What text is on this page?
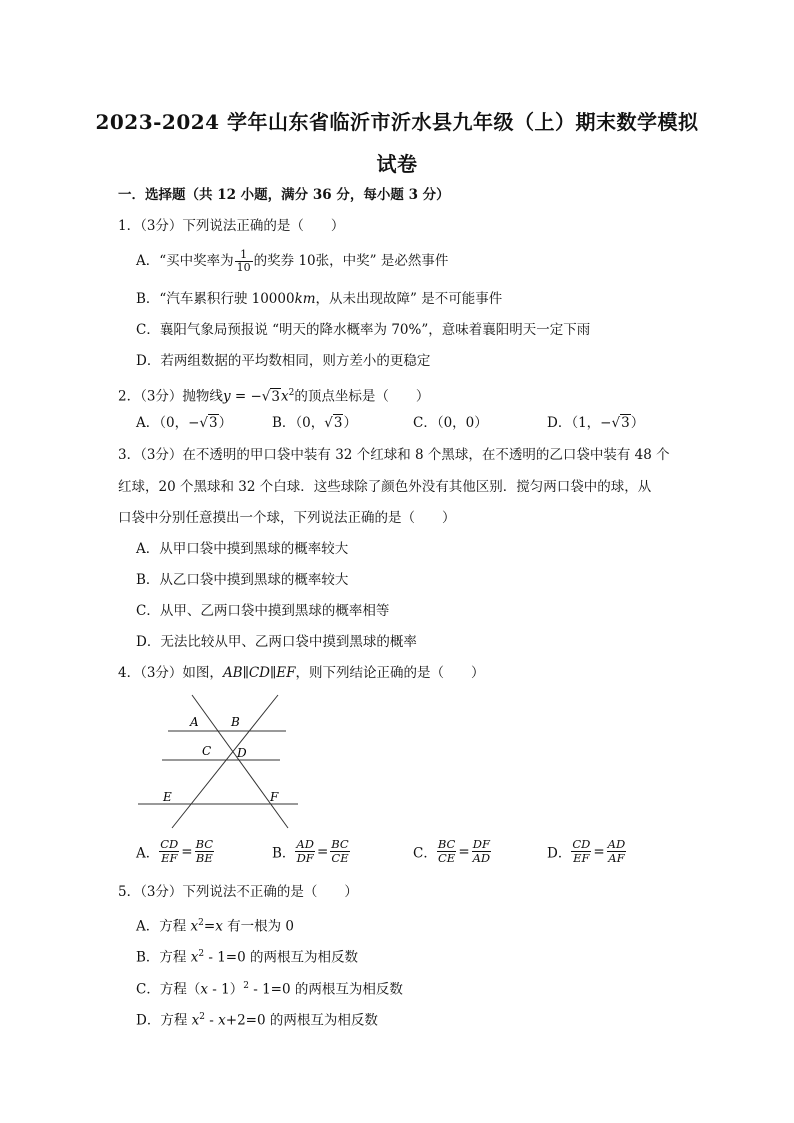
2023-2024 学年山东省临沂市沂水县九年级（上）期末数学模拟
试卷
一．选择题（共 12 小题，满分 36 分，每小题 3 分）
1．（3分）下列说法正确的是（　　）
A．“买中奖率为 $\frac{1}{10}$ 的奖券 10张，中奖” 是必然事件
B．“汽车累积行驶 10000km，从未出现故障” 是不可能事件
C．襄阳气象局预报说 “明天的降水概率为 70%”，意味着襄阳明天一定下雨
D．若两组数据的平均数相同，则方差小的更稳定
2．（3分）抛物线$y = -√3x^2$的顶点坐标是（　　）
A．（0，−√3）	B．（0，√3）	C．（0，0）	D．（1，−√3）
3．（3分）在不透明的甲口袋中装有 32 个红球和 8 个黑球，在不透明的乙口袋中装有 48 个
红球，20 个黑球和 32 个白球．这些球除了颜色外没有其他区别．搅匀两口袋中的球，从
口袋中分别任意摸出一个球，下列说法正确的是（　　）
A．从甲口袋中摸到黑球的概率较大
B．从乙口袋中摸到黑球的概率较大
C．从甲、乙两口袋中摸到黑球的概率相等
D．无法比较从甲、乙两口袋中摸到黑球的概率
4．（3分）如图，AB∥CD∥EF，则下列结论正确的是（　　）
A	B
C D
E	F
A． $\frac{CD}{EF} = \frac{BC}{BE}$	B． $\frac{AD}{DF} = \frac{BC}{CE}$	C． $\frac{BC}{CE} = \frac{DF}{AD}$	D． $\frac{CD}{EF} = \frac{AD}{AF}$
5．（3分）下列说法不正确的是（　　）
A．方程 $x^2=x$ 有一根为 0
B．方程 $x^2 - 1=0$ 的两根互为相反数
C．方程（x - 1）$^2$ - 1=0 的两根互为相反数
D．方程 $x^2 - x+2=0$ 的两根互为相反数
